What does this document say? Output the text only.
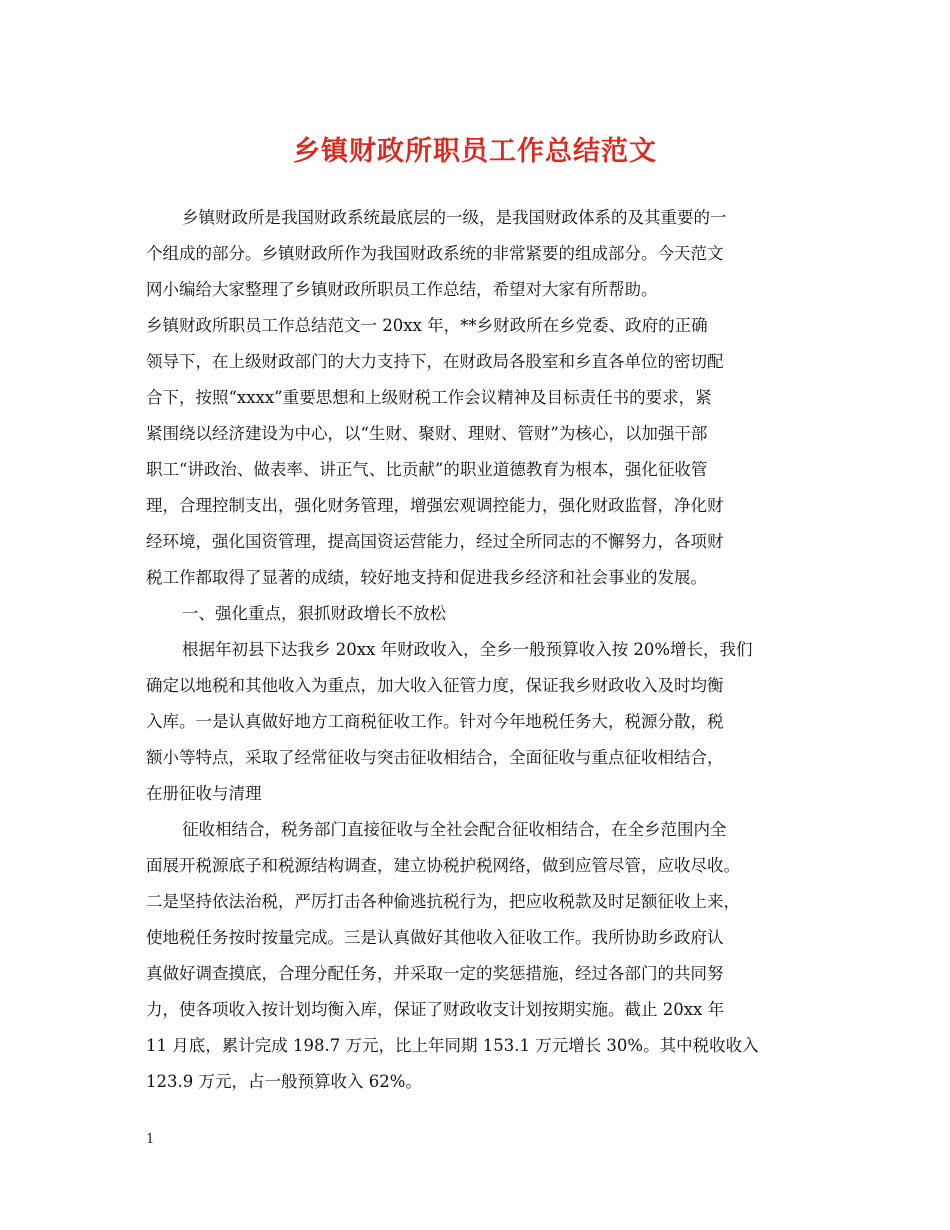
乡镇财政所职员工作总结范文
乡镇财政所是我国财政系统最底层的一级，是我国财政体系的及其重要的一
个组成的部分。乡镇财政所作为我国财政系统的非常紧要的组成部分。今天范文
网小编给大家整理了乡镇财政所职员工作总结，希望对大家有所帮助。
乡镇财政所职员工作总结范文一 20xx 年，**乡财政所在乡党委、政府的正确
领导下，在上级财政部门的大力支持下，在财政局各股室和乡直各单位的密切配
合下，按照“xxxx”重要思想和上级财税工作会议精神及目标责任书的要求，紧
紧围绕以经济建设为中心，以“生财、聚财、理财、管财”为核心，以加强干部
职工“讲政治、做表率、讲正气、比贡献”的职业道德教育为根本，强化征收管
理，合理控制支出，强化财务管理，增强宏观调控能力，强化财政监督，净化财
经环境，强化国资管理，提高国资运营能力，经过全所同志的不懈努力，各项财
税工作都取得了显著的成绩，较好地支持和促进我乡经济和社会事业的发展。
一、强化重点，狠抓财政增长不放松
根据年初县下达我乡 20xx 年财政收入，全乡一般预算收入按 20%增长，我们
确定以地税和其他收入为重点，加大收入征管力度，保证我乡财政收入及时均衡
入库。一是认真做好地方工商税征收工作。针对今年地税任务大，税源分散，税
额小等特点，采取了经常征收与突击征收相结合，全面征收与重点征收相结合，
在册征收与清理
征收相结合，税务部门直接征收与全社会配合征收相结合，在全乡范围内全
面展开税源底子和税源结构调查，建立协税护税网络，做到应管尽管，应收尽收。
二是坚持依法治税，严厉打击各种偷逃抗税行为，把应收税款及时足额征收上来，
使地税任务按时按量完成。三是认真做好其他收入征收工作。我所协助乡政府认
真做好调查摸底，合理分配任务，并采取一定的奖惩措施，经过各部门的共同努
力，使各项收入按计划均衡入库，保证了财政收支计划按期实施。截止 20xx 年
11 月底，累计完成 198.7 万元，比上年同期 153.1 万元增长 30%。其中税收收入
123.9 万元，占一般预算收入 62%。
1
